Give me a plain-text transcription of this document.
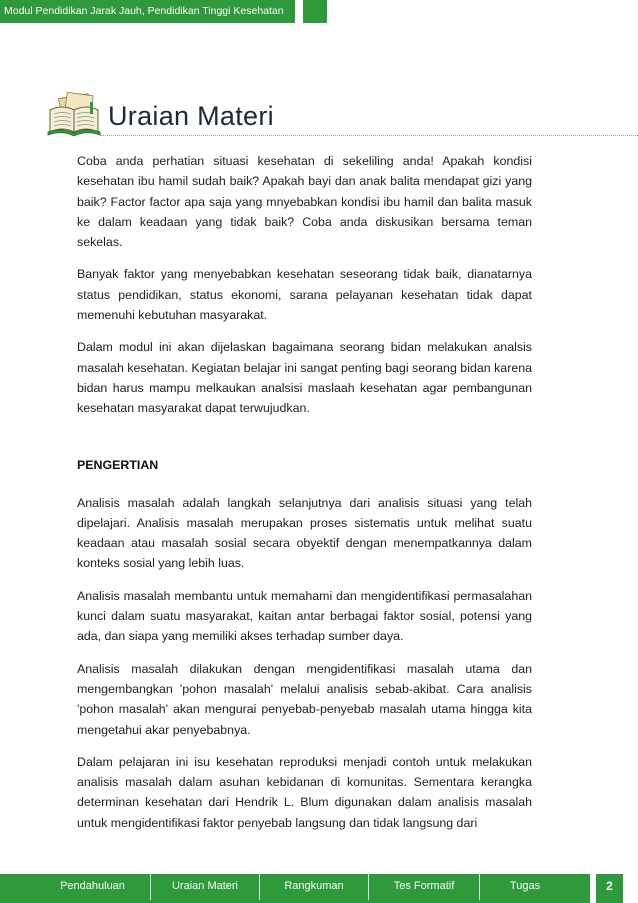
Modul Pendidikan Jarak Jauh, Pendidikan Tinggi Kesehatan
Uraian Materi

Coba anda perhatian situasi kesehatan di sekeliling anda! Apakah kondisi kesehatan ibu hamil sudah baik? Apakah bayi dan anak balita mendapat gizi yang baik? Factor factor apa saja yang mnyebabkan kondisi ibu hamil dan balita masuk ke dalam keadaan yang tidak baik? Coba anda diskusikan bersama teman sekelas.

Banyak faktor yang menyebabkan kesehatan seseorang tidak baik, dianatarnya status pendidikan, status ekonomi, sarana pelayanan kesehatan tidak dapat memenuhi kebutuhan masyarakat.

Dalam modul ini akan dijelaskan bagaimana seorang bidan melakukan analsis masalah kesehatan. Kegiatan belajar ini sangat penting bagi seorang bidan karena bidan harus mampu melkaukan analsisi maslaah kesehatan agar pembangunan kesehatan masyarakat dapat terwujudkan.

PENGERTIAN

Analisis masalah adalah langkah selanjutnya dari analisis situasi yang telah dipelajari. Analisis masalah merupakan proses sistematis untuk melihat suatu keadaan atau masalah sosial secara obyektif dengan menempatkannya dalam konteks sosial yang lebih luas.

Analisis masalah membantu untuk memahami dan mengidentifikasi permasalahan kunci dalam suatu masyarakat, kaitan antar berbagai faktor sosial, potensi yang ada, dan siapa yang memiliki akses terhadap sumber daya.

Analisis masalah dilakukan dengan mengidentifikasi masalah utama dan mengembangkan 'pohon masalah' melalui analisis sebab-akibat. Cara analisis 'pohon masalah' akan mengurai penyebab-penyebab masalah utama hingga kita mengetahui akar penyebabnya.

Dalam pelajaran ini isu kesehatan reproduksi menjadi contoh untuk melakukan analisis masalah dalam asuhan kebidanan di komunitas. Sementara kerangka determinan kesehatan dari Hendrik L. Blum digunakan dalam analisis masalah untuk mengidentifikasi faktor penyebab langsung dan tidak langsung dari

Pendahuluan	Uraian Materi	Rangkuman	Tes Formatif	Tugas	2
